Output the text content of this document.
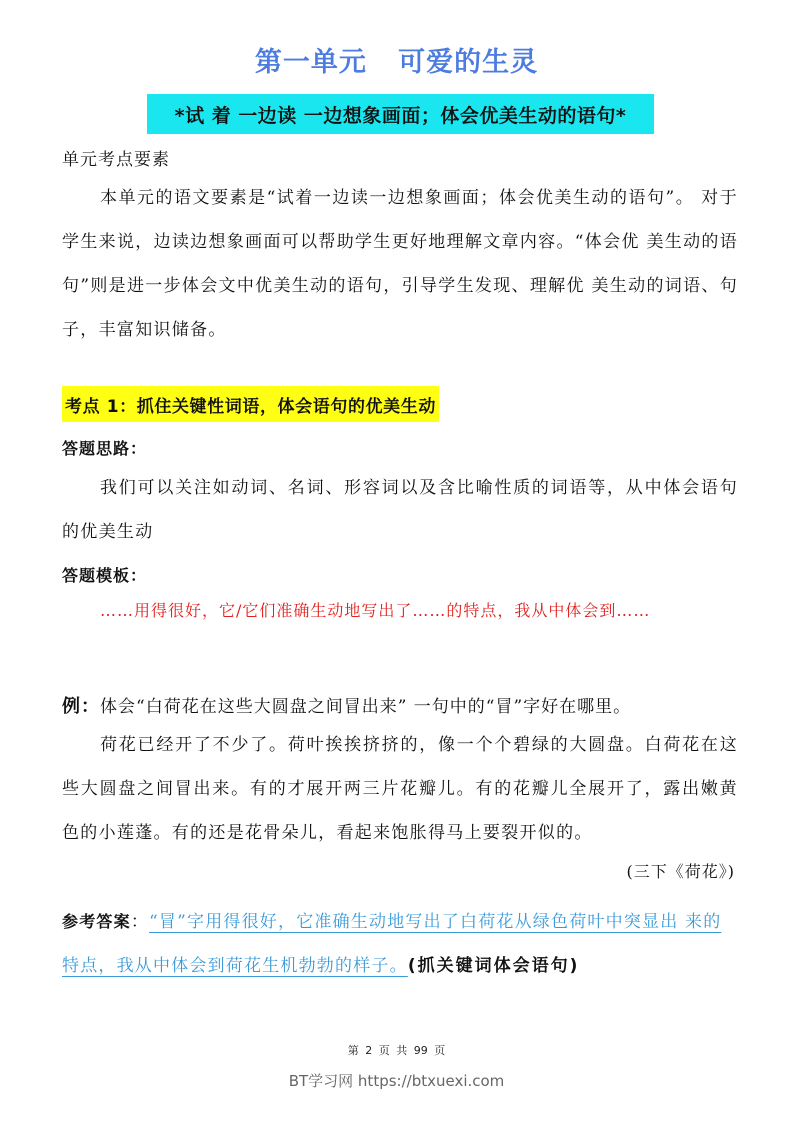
第一单元   可爱的生灵
*试 着 一边读 一边想象画面；体会优美生动的语句*
单元考点要素
本单元的语文要素是“试着一边读一边想象画面；体会优美生动的语句”。 对于学生来说，边读边想象画面可以帮助学生更好地理解文章内容。“体会优 美生动的语句”则是进一步体会文中优美生动的语句，引导学生发现、理解优 美生动的词语、句子，丰富知识储备。
考点 1：抓住关键性词语，体会语句的优美生动
答题思路：
我们可以关注如动词、名词、形容词以及含比喻性质的词语等，从中体会语句的优美生动
答题模板：
……用得很好，它/它们准确生动地写出了……的特点，我从中体会到……
例：体会“白荷花在这些大圆盘之间冒出来” 一句中的“冒”字好在哪里。
荷花已经开了不少了。荷叶挨挨挤挤的，像一个个碧绿的大圆盘。白荷花在这些大圆盘之间冒出来。有的才展开两三片花瓣儿。有的花瓣儿全展开了，露出嫩黄色的小莲蓬。有的还是花骨朵儿，看起来饱胀得马上要裂开似的。
(三下《荷花》)
参考答案：“冒”字用得很好，它准确生动地写出了白荷花从绿色荷叶中突显出 来的特点，我从中体会到荷花生机勃勃的样子。(抓关键词体会语句)
第 2 页 共 99 页
BT学习网 https://btxuexi.com
